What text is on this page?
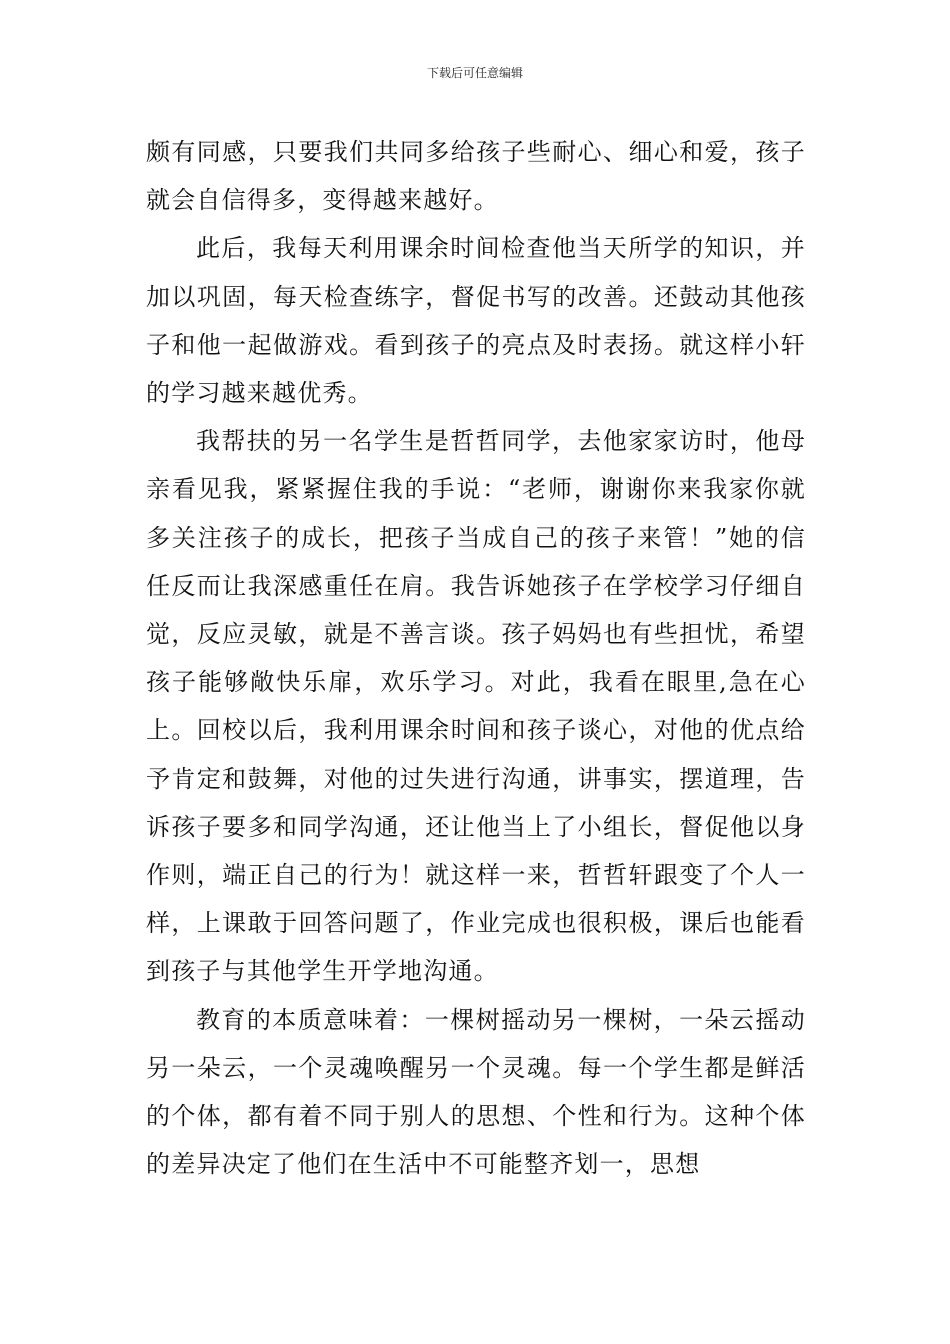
下载后可任意编辑

颇有同感，只要我们共同多给孩子些耐心、细心和爱，孩子就会自信得多，变得越来越好。

此后，我每天利用课余时间检查他当天所学的知识，并加以巩固，每天检查练字，督促书写的改善。还鼓动其他孩子和他一起做游戏。看到孩子的亮点及时表扬。就这样小轩的学习越来越优秀。

我帮扶的另一名学生是哲哲同学，去他家家访时，他母亲看见我，紧紧握住我的手说：“老师，谢谢你来我家你就多关注孩子的成长，把孩子当成自己的孩子来管！”她的信任反而让我深感重任在肩。我告诉她孩子在学校学习仔细自觉，反应灵敏，就是不善言谈。孩子妈妈也有些担忧，希望孩子能够敞快乐扉，欢乐学习。对此，我看在眼里,急在心上。回校以后，我利用课余时间和孩子谈心，对他的优点给予肯定和鼓舞，对他的过失进行沟通，讲事实，摆道理，告诉孩子要多和同学沟通，还让他当上了小组长，督促他以身作则，端正自己的行为！就这样一来，哲哲轩跟变了个人一样，上课敢于回答问题了，作业完成也很积极，课后也能看到孩子与其他学生开学地沟通。

教育的本质意味着：一棵树摇动另一棵树，一朵云摇动另一朵云，一个灵魂唤醒另一个灵魂。每一个学生都是鲜活的个体，都有着不同于别人的思想、个性和行为。这种个体的差异决定了他们在生活中不可能整齐划一，思想
